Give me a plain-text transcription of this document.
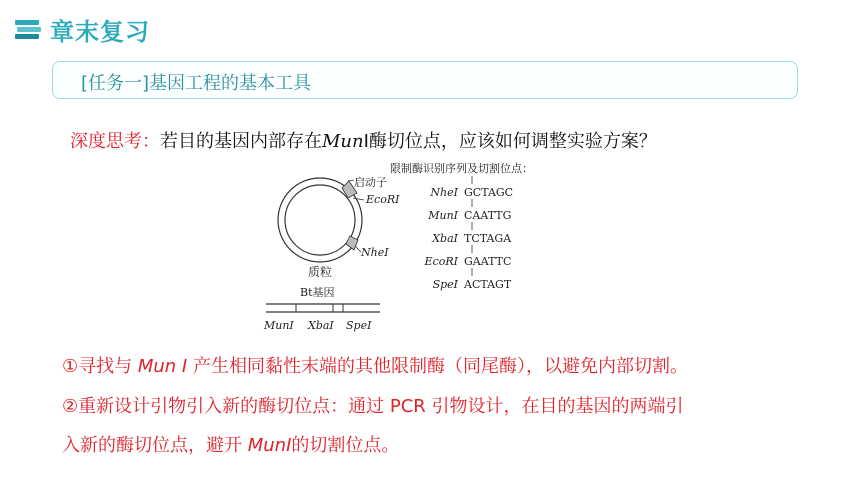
章末复习
[任务一]基因工程的基本工具
深度思考：若目的基因内部存在MunⅠ酶切位点，应该如何调整实验方案？
启动子
EcoRⅠ
NheⅠ
质粒
Bt基因
MunⅠ XbaⅠ SpeⅠ
限制酶识别序列及切割位点：
NheⅠ GCTAGC
MunⅠ CAATTG
XbaⅠ TCTAGA
EcoRⅠ GAATTC
SpeⅠ ACTAGT
①寻找与 Mun Ⅰ 产生相同黏性末端的其他限制酶（同尾酶），以避免内部切割。
②重新设计引物引入新的酶切位点：通过 PCR 引物设计，在目的基因的两端引
入新的酶切位点，避开 MunⅠ的切割位点。
